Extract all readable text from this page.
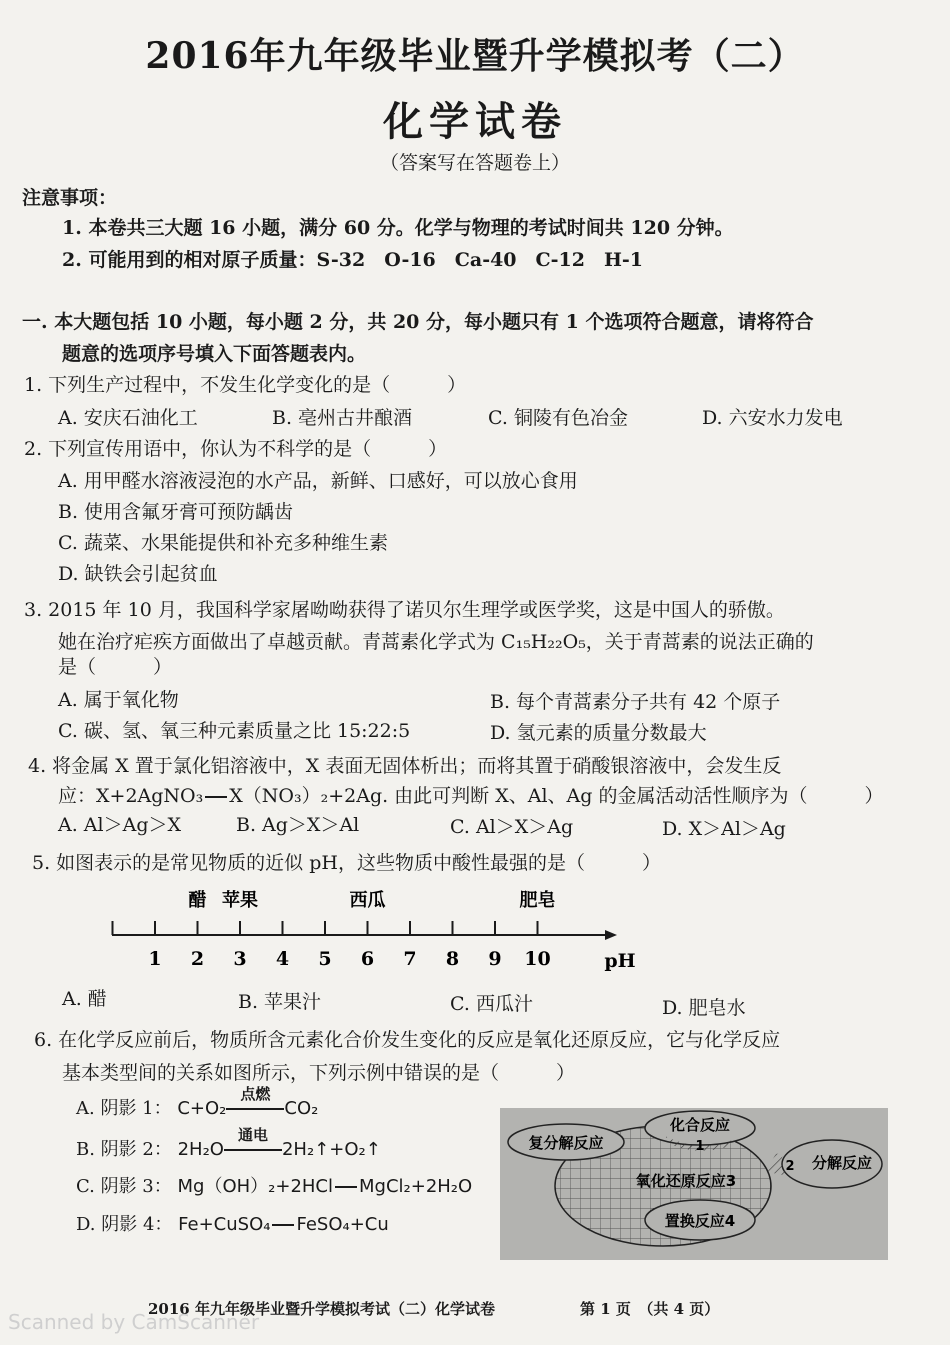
2016年九年级毕业暨升学模拟考（二）
化学试卷
（答案写在答题卷上）
注意事项：
1. 本卷共三大题 16 小题，满分 60 分。化学与物理的考试时间共 120 分钟。
2. 可能用到的相对原子质量：S-32　O-16　Ca-40　C-12　H-1
一. 本大题包括 10 小题，每小题 2 分，共 20 分，每小题只有 1 个选项符合题意，请将符合
题意的选项序号填入下面答题表内。
1. 下列生产过程中，不发生化学变化的是（　　　）
A. 安庆石油化工	B. 亳州古井酿酒	C. 铜陵有色冶金	D. 六安水力发电
2. 下列宣传用语中，你认为不科学的是（　　　）
A. 用甲醛水溶液浸泡的水产品，新鲜、口感好，可以放心食用
B. 使用含氟牙膏可预防龋齿
C. 蔬菜、水果能提供和补充多种维生素
D. 缺铁会引起贫血
3. 2015 年 10 月，我国科学家屠呦呦获得了诺贝尔生理学或医学奖，这是中国人的骄傲。
她在治疗疟疾方面做出了卓越贡献。青蒿素化学式为 C₁₅H₂₂O₅，关于青蒿素的说法正确的
是（　　　）
A. 属于氧化物	B. 每个青蒿素分子共有 42 个原子
C. 碳、氢、氧三种元素质量之比 15:22:5	D. 氢元素的质量分数最大
4. 将金属 X 置于氯化铝溶液中，X 表面无固体析出；而将其置于硝酸银溶液中，会发生反
应：X+2AgNO₃ X（NO₃）₂+2Ag. 由此可判断 X、Al、Ag 的金属活动活性顺序为（　　　）
A. Al＞Ag＞X	B. Ag＞X＞Al	C. Al＞X＞Ag	D. X＞Al＞Ag
5. 如图表示的是常见物质的近似 pH，这些物质中酸性最强的是（　　　）
1 2 3 4 5 6 7 8 9 10	pH
醋 苹果	西瓜	肥皂
A. 醋	B. 苹果汁	C. 西瓜汁	D. 肥皂水
6. 在化学反应前后，物质所含元素化合价发生变化的反应是氧化还原反应，它与化学反应
基本类型间的关系如图所示，下列示例中错误的是（　　　）
A. 阴影 1： C+O₂
点燃
CO₂
B. 阴影 2： 2H₂O
通电
2H₂↑+O₂↑
C. 阴影 3： Mg（OH）₂+2HCl MgCl₂+2H₂O
D. 阴影 4： Fe+CuSO₄ FeSO₄+Cu
化合反应
1
复分解反应
2 分解反应
氧化还原反应3
置换反应4
2016 年九年级毕业暨升学模拟考试（二）化学试卷	第 1 页　（共 4 页）
Scanned by CamScanner
